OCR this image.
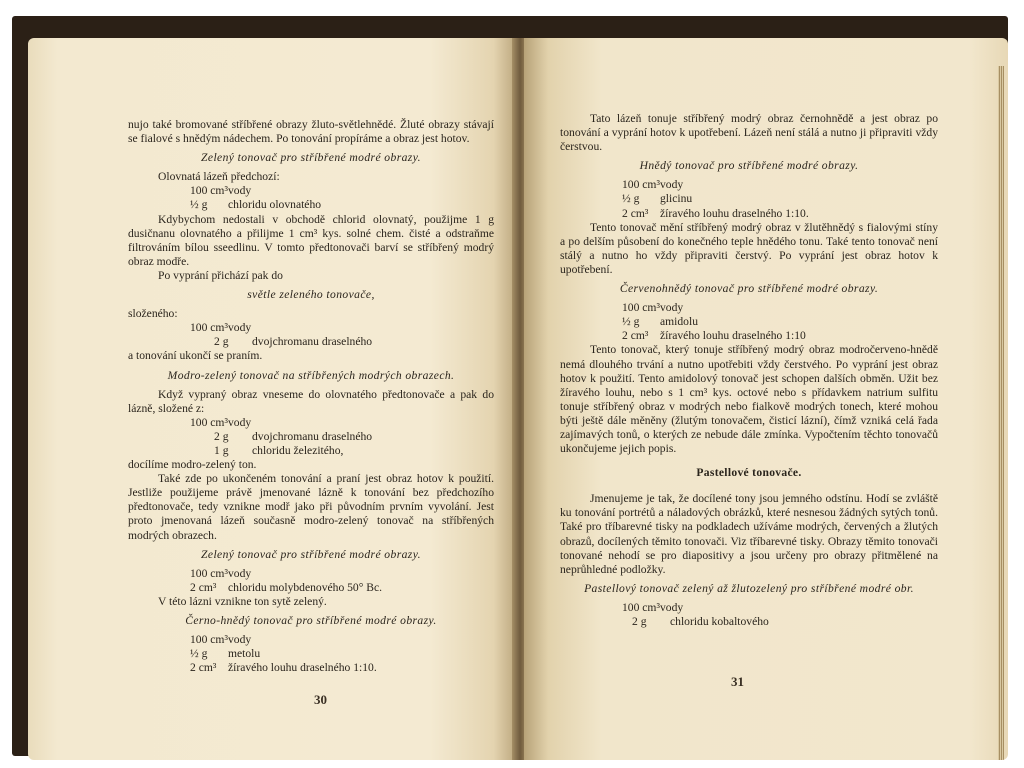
nujo také bromované stříbřené obrazy žluto-světlehnědé. Žluté obrazy stávají se fialové s hnědým nádechem. Po tonování propíráme a obraz jest hotov.

Zelený tonovač pro stříbřené modré obrazy.

Olovnatá lázeň předchozí:

100 cm³ vody
½ g	chloridu olovnatého

Kdybychom nedostali v obchodě chlorid olovnatý, použijme 1 g dusičnanu olovnatého a přilijme 1 cm³ kys. solné chem. čisté a odstraňme filtrováním bílou sseedlinu. V tomto předtonovači barví se stříbřený modrý obraz modře.

Po vyprání přichází pak do

světle zeleného tonovače,

složeného:

100 cm³ vody
2 g	dvojchromanu draselného

a tonování ukončí se praním.

Modro-zelený tonovač na stříbřených modrých obrazech.

Když vypraný obraz vneseme do olovnatého předtonovače a pak do lázně, složené z:

100 cm³ vody
2 g	dvojchromanu draselného
1 g	chloridu železitého,

docílíme modro-zelený ton.

Také zde po ukončeném tonování a praní jest obraz hotov k použití. Jestliže použijeme právě jmenované lázně k tonování bez předchozího předtonovače, tedy vznikne modř jako při původním prvním vyvolání. Jest proto jmenovaná lázeň současně modro-zelený tonovač na stříbřených modrých obrazech.

Zelený tonovač pro stříbřené modré obrazy.

100 cm³ vody
2 cm³	chloridu molybdenového 50° Bc.

V této lázni vznikne ton sytě zelený.

Černo-hnědý tonovač pro stříbřené modré obrazy.

100 cm³ vody
½ g	metolu
2 cm³	žíravého louhu draselného 1:10.
30

Tato lázeň tonuje stříbřený modrý obraz černohnědě a jest obraz po tonování a vyprání hotov k upotřebení. Lázeň není stálá a nutno ji připraviti vždy čerstvou.

Hnědý tonovač pro stříbřené modré obrazy.

100 cm³ vody
½ g	glicinu
2 cm³	žíravého louhu draselného 1:10.

Tento tonovač mění stříbřený modrý obraz v žlutěhnědý s fialovými stíny a po delším působení do konečného teple hnědého tonu. Také tento tonovač není stálý a nutno ho vždy připraviti čerstvý. Po vyprání jest obraz hotov k upotřebení.

Červenohnědý tonovač pro stříbřené modré obrazy.

100 cm³ vody
½ g	amidolu
2 cm³	žíravého louhu draselného 1:10

Tento tonovač, který tonuje stříbřený modrý obraz modročerveno-hnědě nemá dlouhého trvání a nutno upotřebiti vždy čerstvého. Po vyprání jest obraz hotov k použití. Tento amidolový tonovač jest schopen dalších obměn. Užit bez žíravého louhu, nebo s 1 cm³ kys. octové nebo s přídavkem natrium sulfitu tonuje stříbřený obraz v modrých nebo fialkově modrých tonech, které mohou býti ještě dále měněny (žlutým tonovačem, čisticí lázní), čímž vzniká celá řada zajímavých tonů, o kterých ze nebude dále zmínka. Vypočtením těchto tonovačů ukončujeme jejich popis.

Pastellové tonovače.

Jmenujeme je tak, že docílené tony jsou jemného odstínu. Hodí se zvláště ku tonování portrétů a náladových obrázků, které nesnesou žádných sytých tonů. Také pro tříbarevné tisky na podkladech užíváme modrých, červených a žlutých obrazů, docílených těmito tonovači. Viz tříbarevné tisky. Obrazy těmito tonovači tonované nehodí se pro diapositivy a jsou určeny pro obrazy přitmělené na neprůhledné podložky.

Pastellový tonovač zelený až žlutozelený pro stříbřené modré obr.

100 cm³ vody
2 g	chloridu kobaltového
31
